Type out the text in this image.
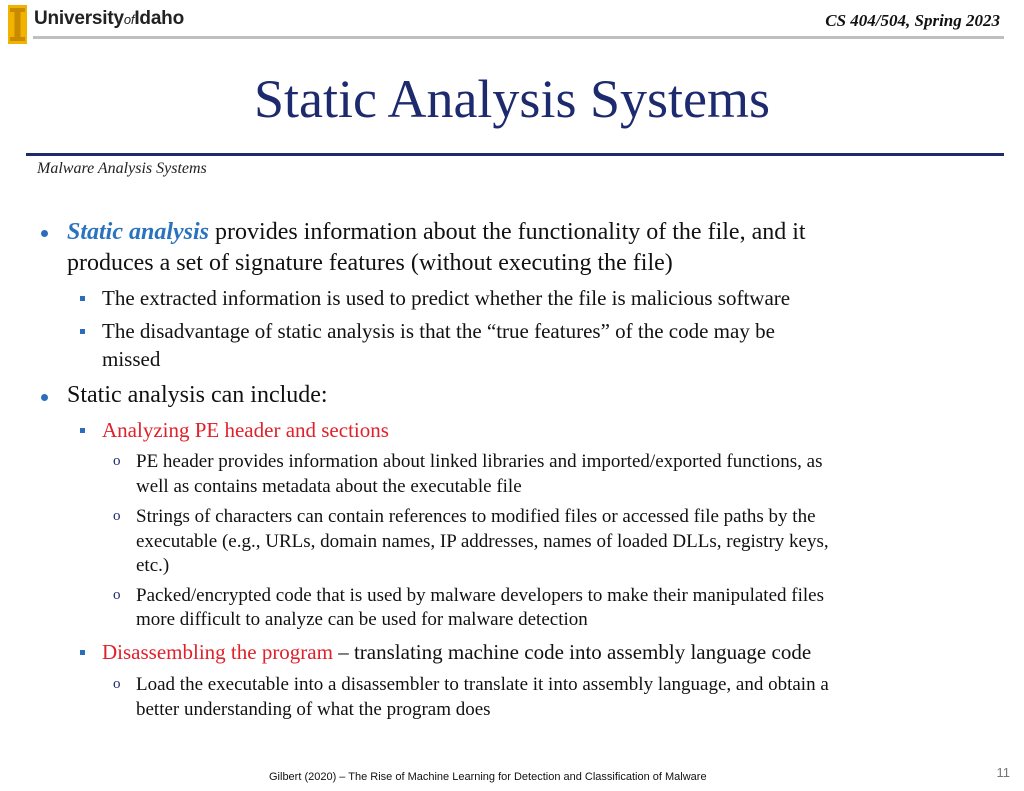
UniversityofIdaho	CS 404/504, Spring 2023
Static Analysis Systems
Malware Analysis Systems
Static analysis provides information about the functionality of the file, and it
produces a set of signature features (without executing the file)
The extracted information is used to predict whether the file is malicious software
The disadvantage of static analysis is that the “true features” of the code may be
missed
Static analysis can include:
Analyzing PE header and sections
o PE header provides information about linked libraries and imported/exported functions, as
well as contains metadata about the executable file
o Strings of characters can contain references to modified files or accessed file paths by the
executable (e.g., URLs, domain names, IP addresses, names of loaded DLLs, registry keys,
etc.)
o Packed/encrypted code that is used by malware developers to make their manipulated files
more difficult to analyze can be used for malware detection
Disassembling the program – translating machine code into assembly language code
o Load the executable into a disassembler to translate it into assembly language, and obtain a
better understanding of what the program does
Gilbert (2020) – The Rise of Machine Learning for Detection and Classification of Malware	11
